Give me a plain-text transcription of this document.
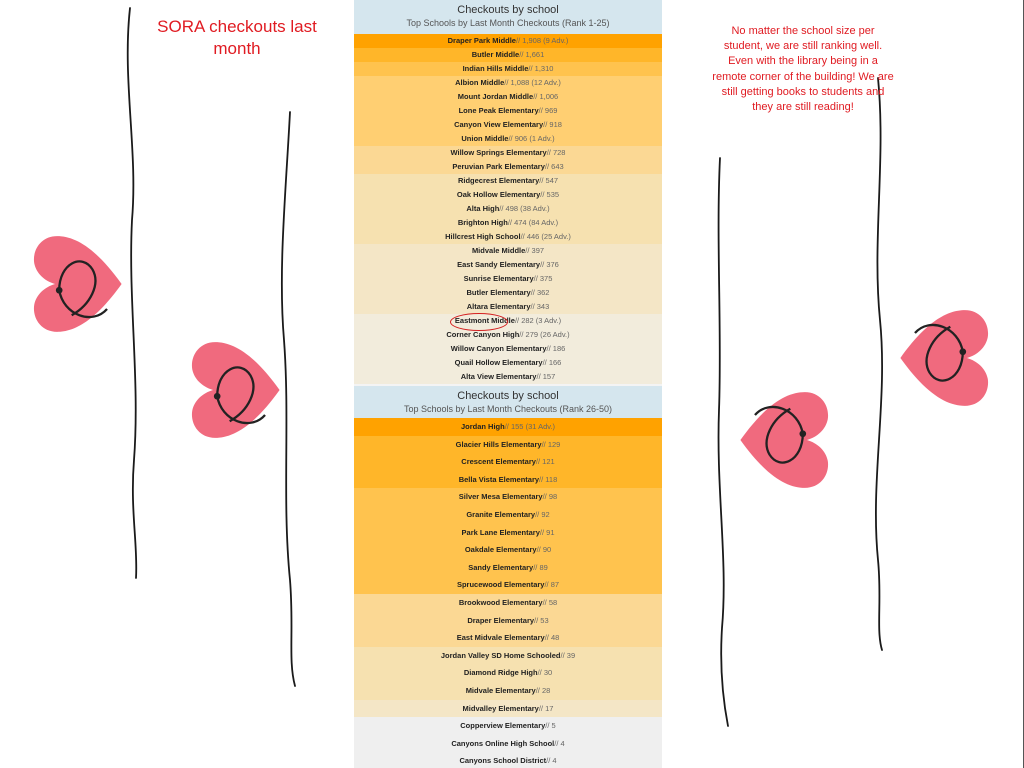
SORA checkouts last month
No matter the school size per student, we are still ranking well. Even with the library being in a remote corner of the building! We are still getting books to students and they are still reading!
Checkouts by school
Top Schools by Last Month Checkouts (Rank 1-25)
Draper Park Middle// 1,908 (9 Adv.)
Butler Middle// 1,661
Indian Hills Middle// 1,310
Albion Middle// 1,088 (12 Adv.)
Mount Jordan Middle// 1,006
Lone Peak Elementary// 969
Canyon View Elementary// 918
Union Middle// 906 (1 Adv.)
Willow Springs Elementary// 728
Peruvian Park Elementary// 643
Ridgecrest Elementary// 547
Oak Hollow Elementary// 535
Alta High// 498 (38 Adv.)
Brighton High// 474 (84 Adv.)
Hillcrest High School// 446 (25 Adv.)
Midvale Middle// 397
East Sandy Elementary// 376
Sunrise Elementary// 375
Butler Elementary// 362
Altara Elementary// 343
Eastmont Middle// 282 (3 Adv.)
Corner Canyon High// 279 (26 Adv.)
Willow Canyon Elementary// 186
Quail Hollow Elementary// 166
Alta View Elementary// 157
Checkouts by school
Top Schools by Last Month Checkouts (Rank 26-50)
Jordan High// 155 (31 Adv.)
Glacier Hills Elementary// 129
Crescent Elementary// 121
Bella Vista Elementary// 118
Silver Mesa Elementary// 98
Granite Elementary// 92
Park Lane Elementary// 91
Oakdale Elementary// 90
Sandy Elementary// 89
Sprucewood Elementary// 87
Brookwood Elementary// 58
Draper Elementary// 53
East Midvale Elementary// 48
Jordan Valley SD Home Schooled// 39
Diamond Ridge High// 30
Midvale Elementary// 28
Midvalley Elementary// 17
Copperview Elementary// 5
Canyons Online High School// 4
Canyons School District// 4
